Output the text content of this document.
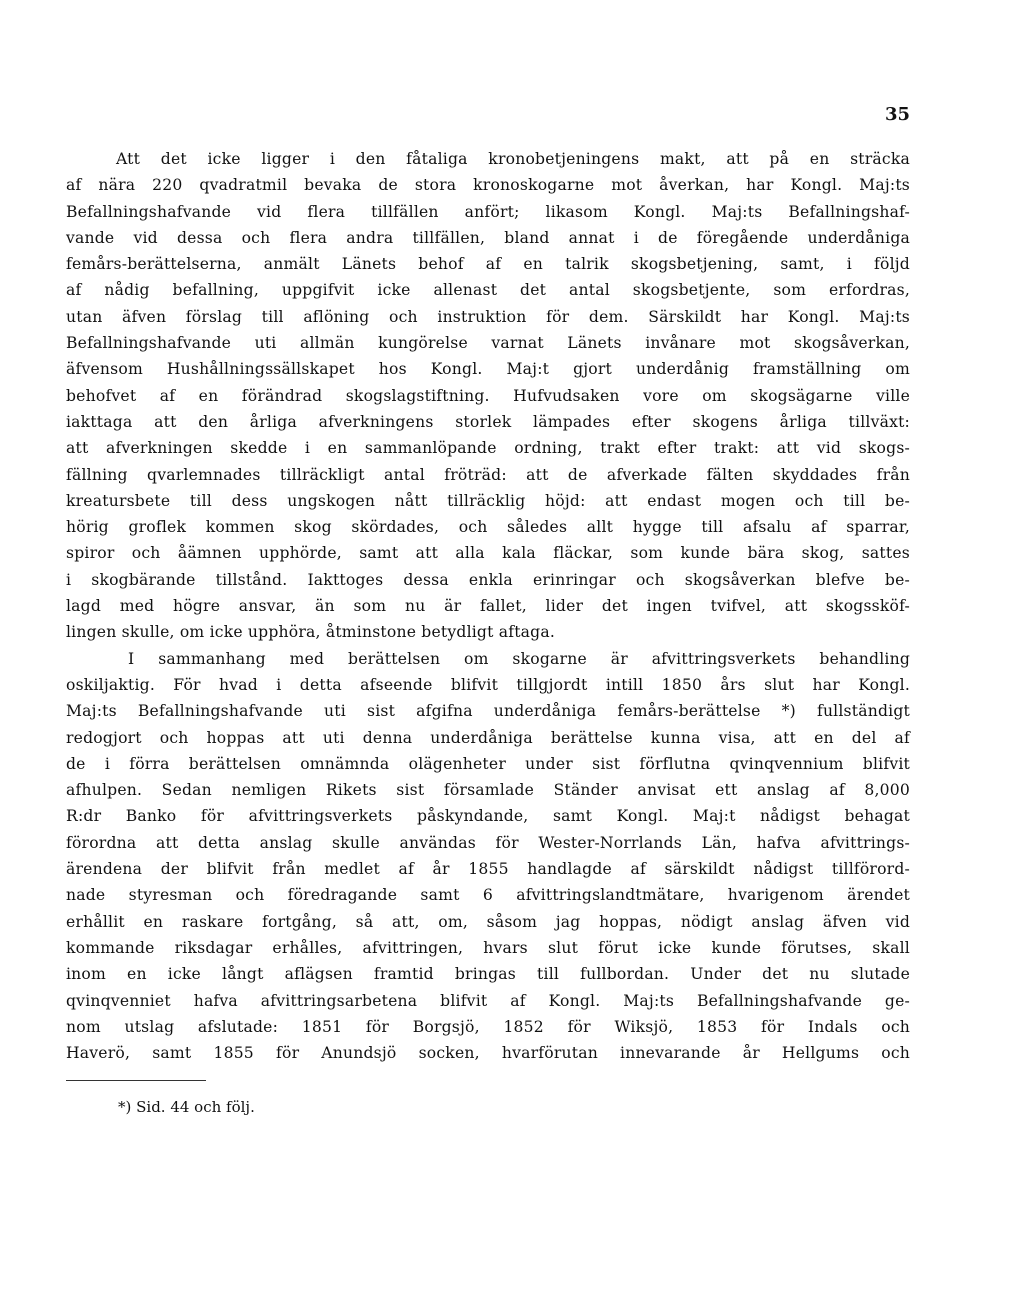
35
Att det icke ligger i den fåtaliga kronobetjeningens makt, att på en sträcka
af nära 220 qvadratmil bevaka de stora kronoskogarne mot åverkan, har Kongl. Maj:ts
Befallningshafvande vid flera tillfällen anfört; likasom Kongl. Maj:ts Befallningshaf-
vande vid dessa och flera andra tillfällen, bland annat i de föregående underdåniga
femårs-berättelserna, anmält Länets behof af en talrik skogsbetjening, samt, i följd
af nådig befallning, uppgifvit icke allenast det antal skogsbetjente, som erfordras,
utan äfven förslag till aflöning och instruktion för dem. Särskildt har Kongl. Maj:ts
Befallningshafvande uti allmän kungörelse varnat Länets invånare mot skogsåverkan,
äfvensom Hushållningssällskapet hos Kongl. Maj:t gjort underdånig framställning om
behofvet af en förändrad skogslagstiftning. Hufvudsaken vore om skogsägarne ville
iakttaga att den årliga afverkningens storlek lämpades efter skogens årliga tillväxt:
att afverkningen skedde i en sammanlöpande ordning, trakt efter trakt: att vid skogs-
fällning qvarlemnades tillräckligt antal fröträd: att de afverkade fälten skyddades från
kreatursbete till dess ungskogen nått tillräcklig höjd: att endast mogen och till be-
hörig groflek kommen skog skördades, och således allt hygge till afsalu af sparrar,
spiror och åämnen upphörde, samt att alla kala fläckar, som kunde bära skog, sattes
i skogbärande tillstånd. Iakttoges dessa enkla erinringar och skogsåverkan blefve be-
lagd med högre ansvar, än som nu är fallet, lider det ingen tvifvel, att skogssköf-
lingen skulle, om icke upphöra, åtminstone betydligt aftaga.
I sammanhang med berättelsen om skogarne är afvittringsverkets behandling
oskiljaktig. För hvad i detta afseende blifvit tillgjordt intill 1850 års slut har Kongl.
Maj:ts Befallningshafvande uti sist afgifna underdåniga femårs-berättelse *) fullständigt
redogjort och hoppas att uti denna underdåniga berättelse kunna visa, att en del af
de i förra berättelsen omnämnda olägenheter under sist förflutna qvinqvennium blifvit
afhulpen. Sedan nemligen Rikets sist församlade Ständer anvisat ett anslag af 8,000
R:dr Banko för afvittringsverkets påskyndande, samt Kongl. Maj:t nådigst behagat
förordna att detta anslag skulle användas för Wester-Norrlands Län, hafva afvittrings-
ärendena der blifvit från medlet af år 1855 handlagde af särskildt nådigst tillförord-
nade styresman och föredragande samt 6 afvittringslandtmätare, hvarigenom ärendet
erhållit en raskare fortgång, så att, om, såsom jag hoppas, nödigt anslag äfven vid
kommande riksdagar erhålles, afvittringen, hvars slut förut icke kunde förutses, skall
inom en icke långt aflägsen framtid bringas till fullbordan. Under det nu slutade
qvinqvenniet hafva afvittringsarbetena blifvit af Kongl. Maj:ts Befallningshafvande ge-
nom utslag afslutade: 1851 för Borgsjö, 1852 för Wiksjö, 1853 för Indals och
Haverö, samt 1855 för Anundsjö socken, hvarförutan innevarande år Hellgums och
*) Sid. 44 och följ.
